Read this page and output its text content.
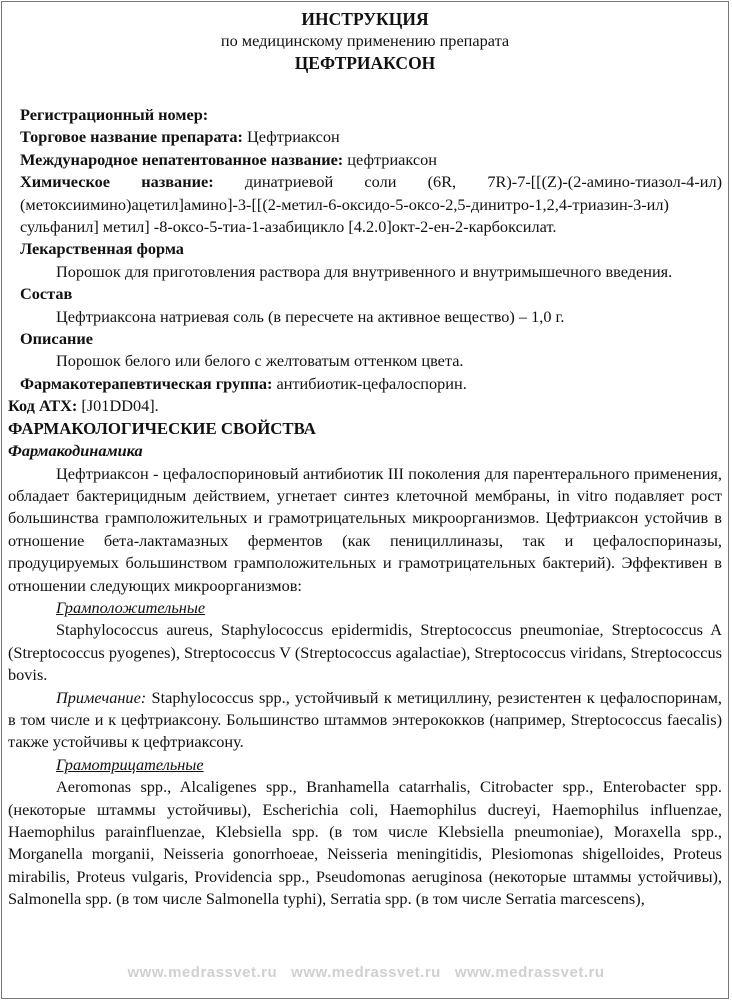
ИНСТРУКЦИЯ
по медицинскому применению препарата
ЦЕФТРИАКСОН
Регистрационный номер:
Торговое название препарата: Цефтриаксон
Международное непатентованное название: цефтриаксон

Химическое название: динатриевой соли (6R, 7R)-7-[[(Z)-(2-амино-тиазол-4-ил)(метоксиимино)ацетил]амино]-3-[[(2-метил-6-оксидо-5-оксо-2,5-динитро-1,2,4-триазин-3-ил) сульфанил] метил] -8-оксо-5-тиа-1-азабицикло [4.2.0]окт-2-ен-2-карбоксилат.

Лекарственная форма

Порошок для приготовления раствора для внутривенного и внутримышечного введения.

Состав

Цефтриаксона натриевая соль (в пересчете на активное вещество) – 1,0 г.

Описание

Порошок белого или белого с желтоватым оттенком цвета.

Фармакотерапевтическая группа: антибиотик-цефалоспорин.
Код АТХ: [J01DD04].
ФАРМАКОЛОГИЧЕСКИЕ СВОЙСТВА
Фармакодинамика

Цефтриаксон - цефалоспориновый антибиотик III поколения для парентерального применения, обладает бактерицидным действием, угнетает синтез клеточной мембраны, in vitro подавляет рост большинства грамположительных и грамотрицательных микроорганизмов. Цефтриаксон устойчив в отношение бета-лактамазных ферментов (как пенициллиназы, так и цефалоспориназы, продуцируемых большинством грамположительных и грамотрицательных бактерий). Эффективен в отношении следующих микроорганизмов:

Грамположительные

Staphylococcus aureus, Staphylococcus epidermidis, Streptococcus pneumoniae, Streptococcus A (Streptococcus pyogenes), Streptococcus V (Streptococcus agalactiae), Streptococcus viridans, Streptococcus bovis.

Примечание: Staphylococcus spp., устойчивый к метициллину, резистентен к цефалоспоринам, в том числе и к цефтриаксону. Большинство штаммов энтерококков (например, Streptococcus faecalis) также устойчивы к цефтриаксону.

Грамотрицательные

Aeromonas spp., Alcaligenes spp., Branhamella catarrhalis, Citrobacter spp., Enterobacter spp. (некоторые штаммы устойчивы), Escherichia coli, Haemophilus ducreyi, Haemophilus influenzae, Haemophilus parainfluenzae, Klebsiella spp. (в том числе Klebsiella pneumoniae), Moraxella spp., Morganella morganii, Neisseria gonorrhoeae, Neisseria meningitidis, Plesiomonas shigelloides, Proteus mirabilis, Proteus vulgaris, Providencia spp., Pseudomonas aeruginosa (некоторые штаммы устойчивы), Salmonella spp. (в том числе Salmonella typhi), Serratia spp. (в том числе Serratia marcescens),

www.medrassvet.ru   www.medrassvet.ru   www.medrassvet.ru
